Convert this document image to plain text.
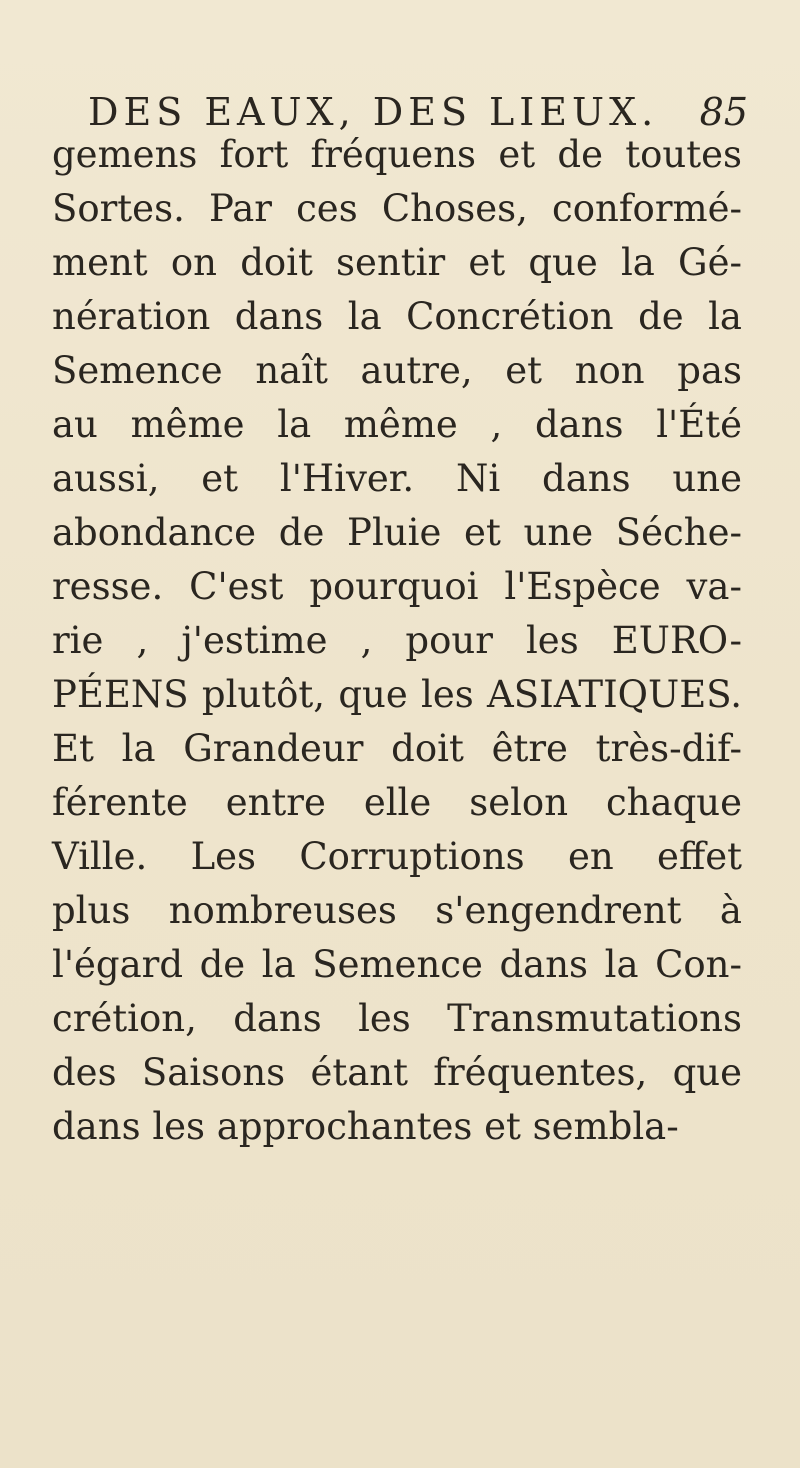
DES EAUX, DES LIEUX. 85
gemens fort fréquens et de toutes
Sortes. Par ces Choses, conformé-
ment on doit sentir et que la Gé-
nération dans la Concrétion de la
Semence naît autre, et non pas
au même la même , dans l'Été
aussi, et l'Hiver. Ni dans une
abondance de Pluie et une Séche-
resse. C'est pourquoi l'Espèce va-
rie , j'estime , pour les EURO-
PÉENS plutôt, que les ASIATIQUES.
Et la Grandeur doit être très-dif-
férente entre elle selon chaque
Ville. Les Corruptions en effet
plus nombreuses s'engendrent à
l'égard de la Semence dans la Con-
crétion, dans les Transmutations
des Saisons étant fréquentes, que
dans les approchantes et sembla-
